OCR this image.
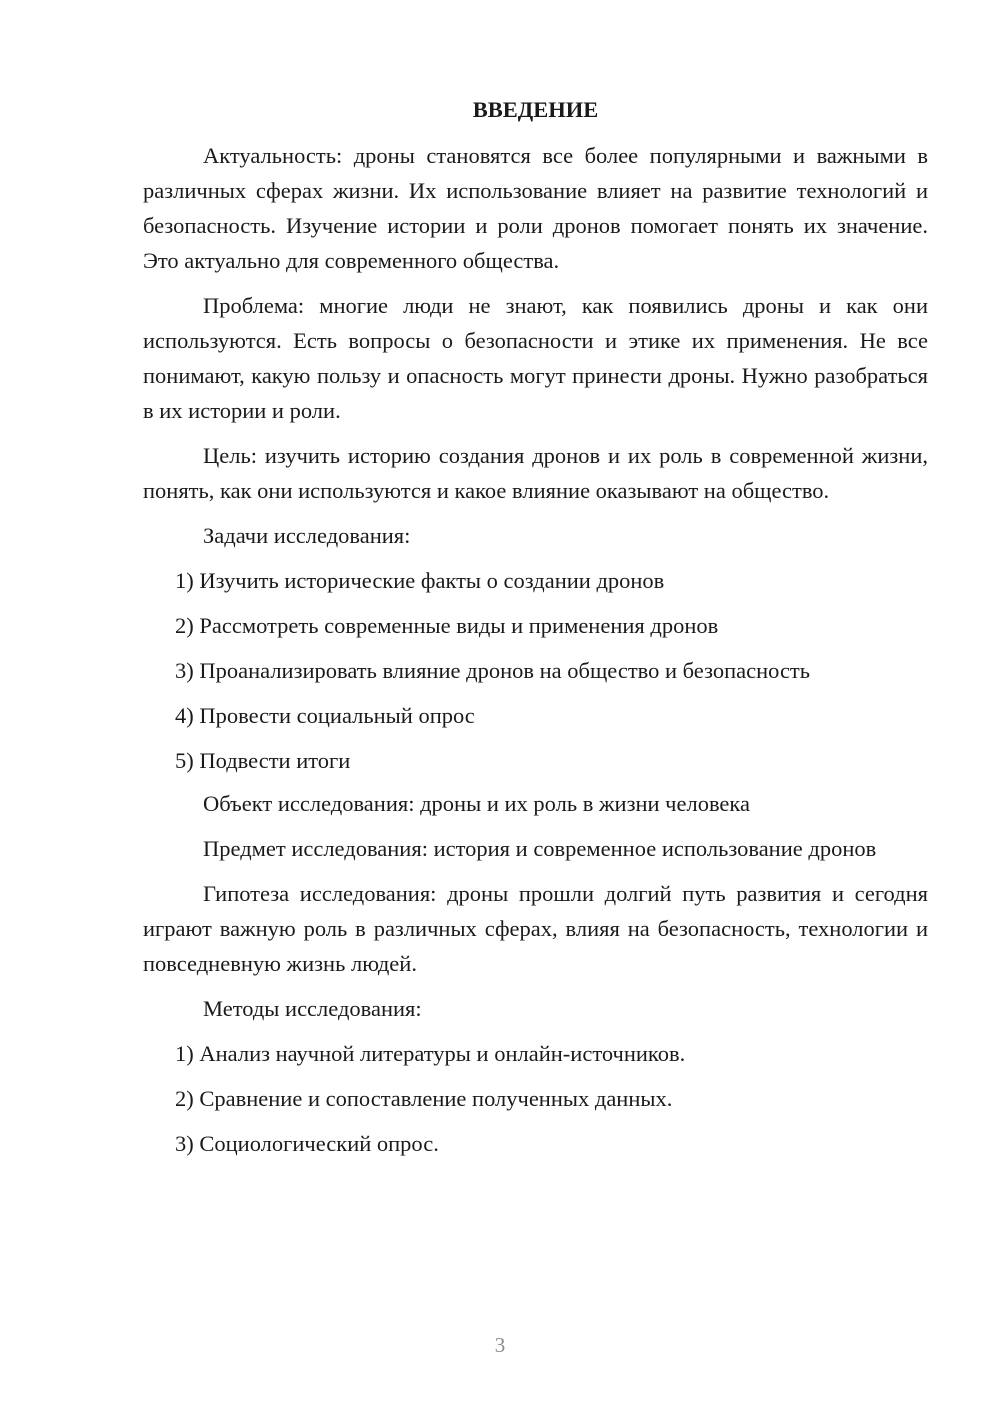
ВВЕДЕНИЕ

Актуальность: дроны становятся все более популярными и важными в различных сферах жизни. Их использование влияет на развитие технологий и безопасность. Изучение истории и роли дронов помогает понять их значение. Это актуально для современного общества.

Проблема: многие люди не знают, как появились дроны и как они используются. Есть вопросы о безопасности и этике их применения. Не все понимают, какую пользу и опасность могут принести дроны. Нужно разобраться в их истории и роли.

Цель: изучить историю создания дронов и их роль в современной жизни, понять, как они используются и какое влияние оказывают на общество.

Задачи исследования:

1) Изучить исторические факты о создании дронов
2) Рассмотреть современные виды и применения дронов
3) Проанализировать влияние дронов на общество и безопасность
4) Провести социальный опрос
5) Подвести итоги

Объект исследования: дроны и их роль в жизни человека

Предмет исследования: история и современное использование дронов

Гипотеза исследования: дроны прошли долгий путь развития и сегодня играют важную роль в различных сферах, влияя на безопасность, технологии и повседневную жизнь людей.

Методы исследования:

1) Анализ научной литературы и онлайн-источников.
2) Сравнение и сопоставление полученных данных.
3) Социологический опрос.
3
